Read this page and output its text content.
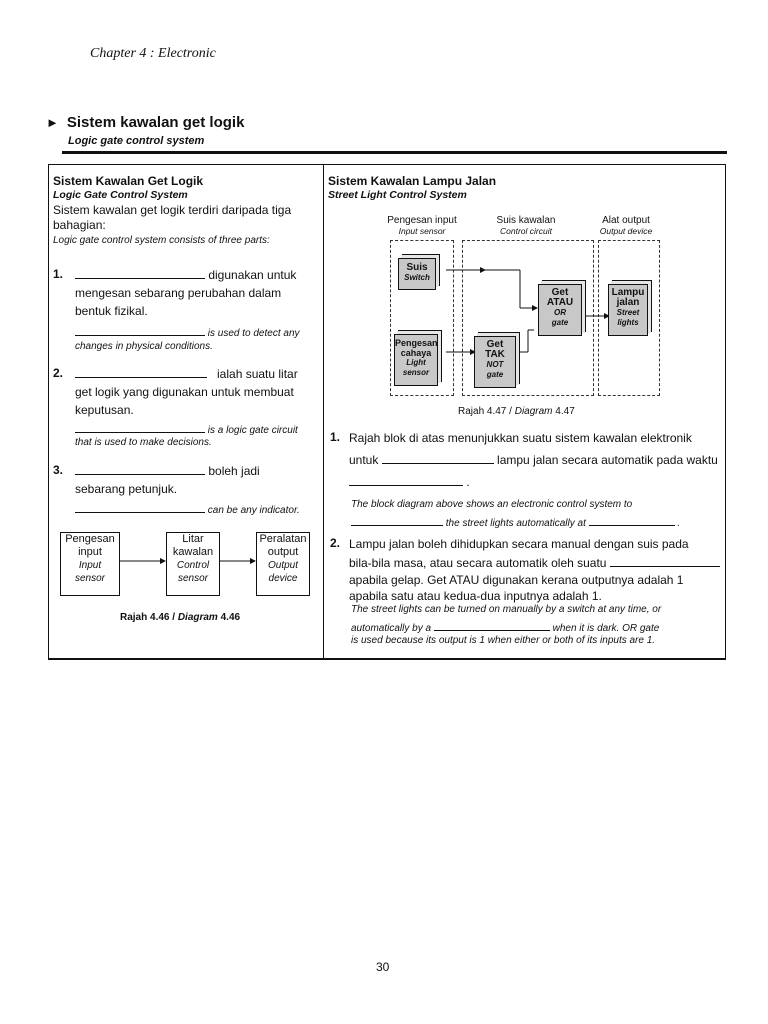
Chapter 4 : Electronic
► Sistem kawalan get logik
Logic gate control system
Sistem Kawalan Get Logik
Logic Gate Control System
Sistem kawalan get logik terdiri daripada tiga
bahagian:
Logic gate control system consists of three parts:
1.	digunakan untuk
mengesan sebarang perubahan dalam
bentuk fizikal.
is used to detect any
changes in physical conditions.
2.	ialah suatu litar
get logik yang digunakan untuk membuat
keputusan.
is a logic gate circuit
that is used to make decisions.
3.	boleh jadi
sebarang petunjuk.
can be any indicator.
Pengesan
input
Input
sensor
Litar
kawalan
Control
sensor
Peralatan
output
Output
device
Rajah 4.46 / Diagram 4.46
Sistem Kawalan Lampu Jalan
Street Light Control System
Pengesan input
Input sensor
Suis kawalan
Control circuit
Alat output
Output device
Suis
Switch
Pengesan
cahaya
Light
sensor
Get
ATAU
OR
gate
Get
TAK
NOT
gate
Lampu
jalan
Street
lights
Rajah 4.47 / Diagram 4.47
1. Rajah blok di atas menunjukkan suatu sistem kawalan elektronik
untuk	lampu jalan secara automatik pada waktu
.
The block diagram above shows an electronic control system to
the street lights automatically at	.
2. Lampu jalan boleh dihidupkan secara manual dengan suis pada
bila-bila masa, atau secara automatik oleh suatu
apabila gelap. Get ATAU digunakan kerana outputnya adalah 1
apabila satu atau kedua-dua inputnya adalah 1.
The street lights can be turned on manually by a switch at any time, or
automatically by a	when it is dark. OR gate
is used because its output is 1 when either or both of its inputs are 1.
30
